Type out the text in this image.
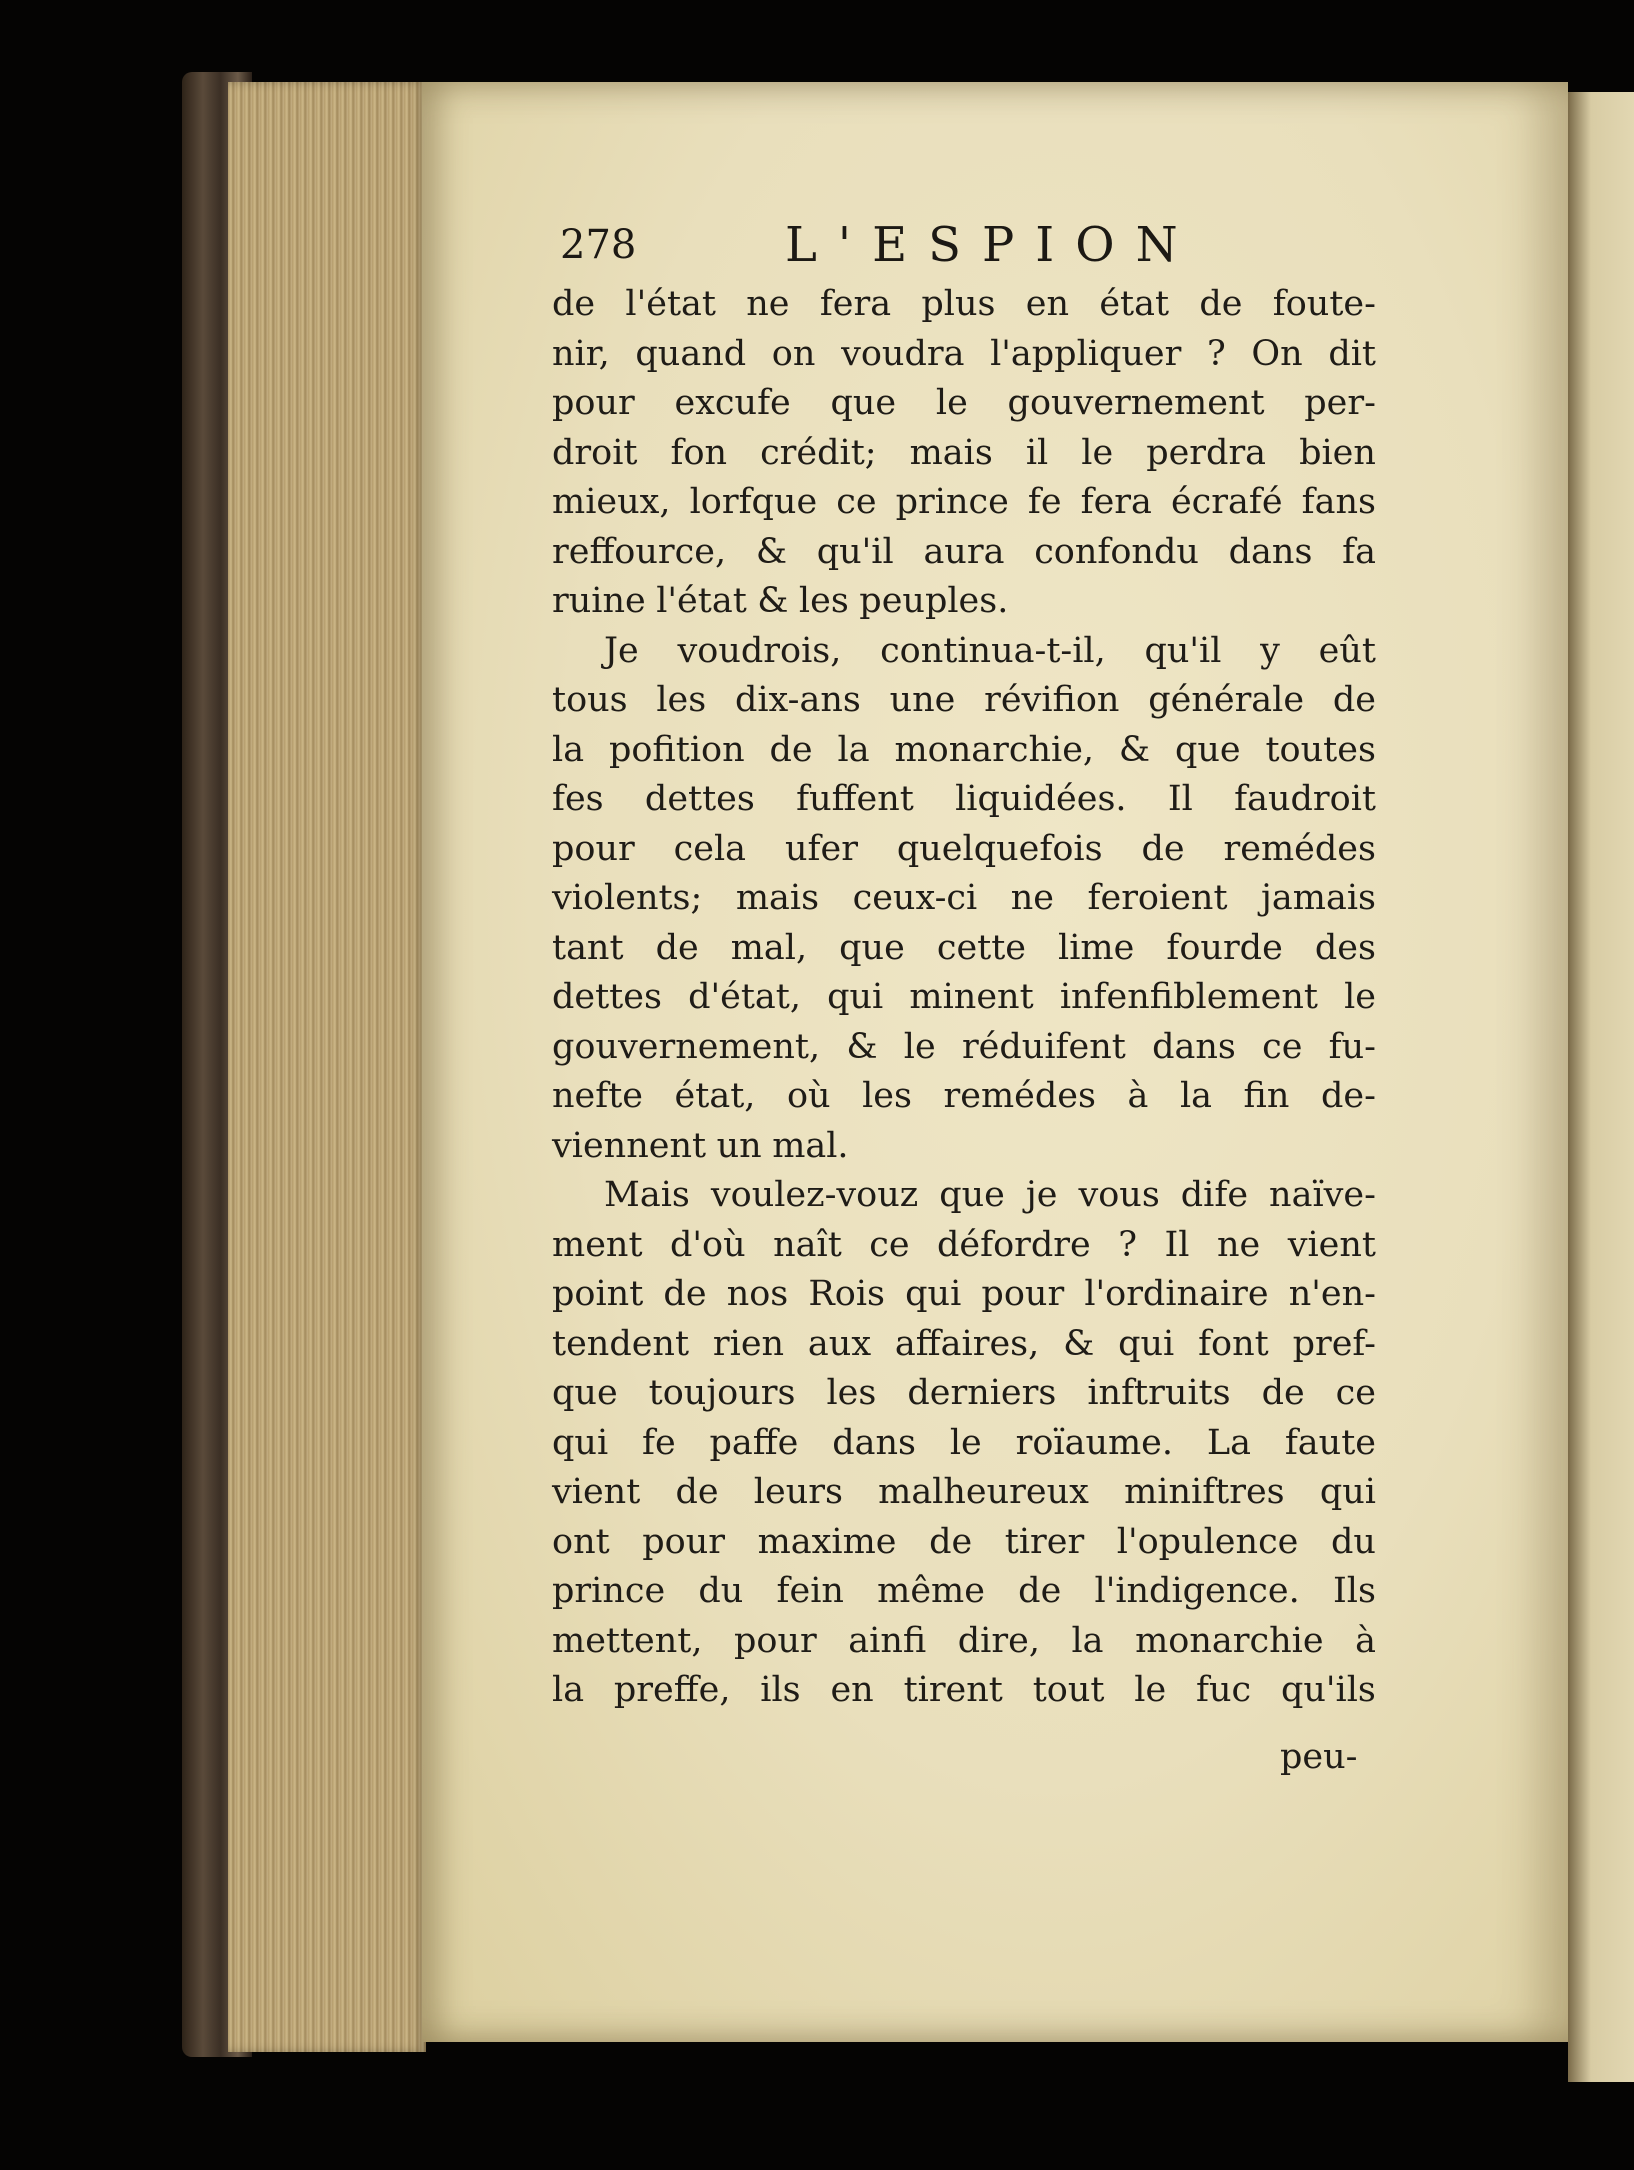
278	L'ESPION
de l'état ne fera plus en état de foute-
nir, quand on voudra l'appliquer ? On dit
pour excufe que le gouvernement per-
droit fon crédit; mais il le perdra bien
mieux, lorfque ce prince fe fera écrafé fans
reffource, & qu'il aura confondu dans fa
ruine l'état & les peuples.
Je voudrois, continua-t-il, qu'il y eût
tous les dix-ans une révifion générale de
la pofition de la monarchie, & que toutes
fes dettes fuffent liquidées. Il faudroit
pour cela ufer quelquefois de remédes
violents; mais ceux-ci ne feroient jamais
tant de mal, que cette lime fourde des
dettes d'état, qui minent infenfiblement le
gouvernement, & le réduifent dans ce fu-
nefte état, où les remédes à la fin de-
viennent un mal.
Mais voulez-vouz que je vous dife naïve-
ment d'où naît ce défordre ? Il ne vient
point de nos Rois qui pour l'ordinaire n'en-
tendent rien aux affaires, & qui font pref-
que toujours les derniers inftruits de ce
qui fe paffe dans le roïaume. La faute
vient de leurs malheureux miniftres qui
ont pour maxime de tirer l'opulence du
prince du fein même de l'indigence. Ils
mettent, pour ainfi dire, la monarchie à
la preffe, ils en tirent tout le fuc qu'ils
peu-
